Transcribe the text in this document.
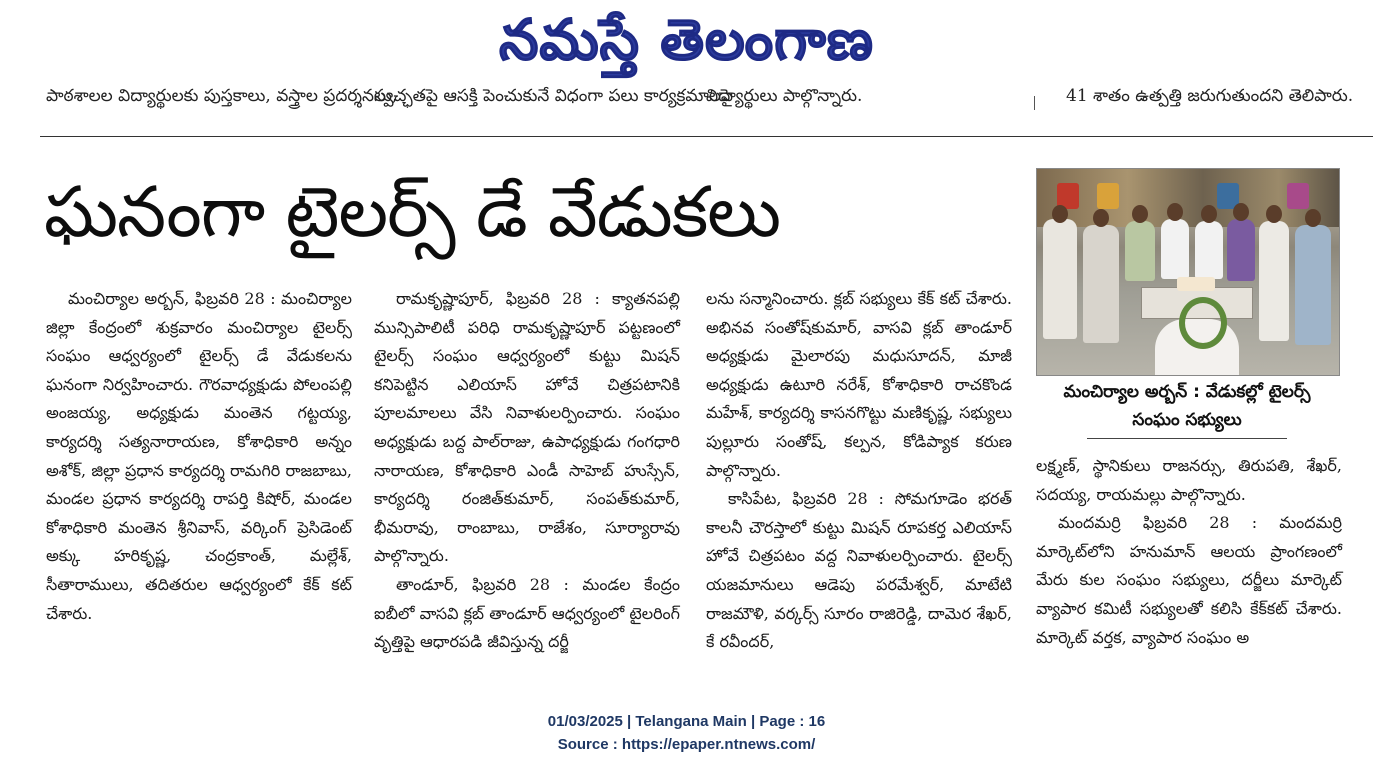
నమస్తే తెలంగాణ
పాఠశాలల విద్యార్థులకు పుస్తకాలు, వస్త్రాల ప్రదర్శనలు,
స్వచ్ఛతపై ఆసక్తి పెంచుకునే విధంగా పలు కార్యక్రమాలపై
విద్యార్థులు పాల్గొన్నారు.	41 శాతం ఉత్పత్తి జరుగుతుందని తెలిపారు.
ఘనంగా టైలర్స్ డే వేడుకలు

మంచిర్యాల అర్బన్, ఫిబ్రవరి 28 : మంచిర్యాల జిల్లా కేంద్రంలో శుక్రవారం మంచిర్యాల టైలర్స్ సంఘం ఆధ్వర్యంలో టైలర్స్ డే వేడుకలను ఘనంగా నిర్వహించారు. గౌరవాధ్యక్షుడు పోలంపల్లి అంజయ్య, అధ్యక్షుడు మంతెన గట్టయ్య, కార్యదర్శి సత్యనారాయణ, కోశాధికారి అన్నం అశోక్, జిల్లా ప్రధాన కార్యదర్శి రామగిరి రాజబాబు, మండల ప్రధాన కార్యదర్శి రాపర్తి కిషోర్, మండల కోశాధికారి మంతెన శ్రీనివాస్, వర్కింగ్ ప్రెసిడెంట్ అక్కు హరికృష్ణ, చంద్రకాంత్, మల్లేశ్, సీతారాములు, తదితరుల ఆధ్వర్యంలో కేక్ కట్ చేశారు.

రామకృష్ణాపూర్, ఫిబ్రవరి 28 : క్యాతనపల్లి మున్సిపాలిటీ పరిధి రామకృష్ణాపూర్ పట్టణంలో టైలర్స్ సంఘం ఆధ్వర్యంలో కుట్టు మిషన్ కనిపెట్టిన ఎలియాస్ హోవే చిత్రపటానికి పూలమాలలు వేసి నివాళులర్పించారు. సంఘం అధ్యక్షుడు బద్ద పాల్‌రాజు, ఉపాధ్యక్షుడు గంగధారి నారాయణ, కోశాధికారి ఎండీ సాహెబ్ హుస్సేన్, కార్యదర్శి రంజిత్‌కుమార్, సంపత్‌కుమార్, భీమరావు, రాంబాబు, రాజేశం, సూర్యారావు పాల్గొన్నారు.

తాండూర్, ఫిబ్రవరి 28 : మండల కేంద్రం ఐబీలో వాసవి క్లబ్ తాండూర్ ఆధ్వర్యంలో టైలరింగ్ వృత్తిపై ఆధారపడి జీవిస్తున్న దర్జీ

లను సన్మానించారు. క్లబ్ సభ్యులు కేక్ కట్ చేశారు. అభినవ సంతోష్‌కుమార్, వాసవి క్లబ్ తాండూర్ అధ్యక్షుడు మైలారపు మధుసూదన్, మాజీ అధ్యక్షుడు ఉటూరి నరేశ్, కోశాధికారి రాచకొండ మహేశ్, కార్యదర్శి కాసనగొట్టు మణికృష్ణ, సభ్యులు పుల్లూరు సంతోష్, కల్పన, కోడిప్యాక కరుణ పాల్గొన్నారు.

కాసిపేట, ఫిబ్రవరి 28 : సోమగూడెం భరత్ కాలనీ చౌరస్తాలో కుట్టు మిషన్ రూపకర్త ఎలియాస్ హోవే చిత్రపటం వద్ద నివాళులర్పించారు. టైలర్స్ యజమానులు ఆడెపు పరమేశ్వర్, మాటేటి రాజమౌళి, వర్కర్స్ సూరం రాజిరెడ్డి, దామెర శేఖర్, కే రవీందర్,

మంచిర్యాల అర్బన్ : వేడుకల్లో టైలర్స్
సంఘం సభ్యులు

లక్ష్మణ్, స్థానికులు రాజనర్సు, తిరుపతి, శేఖర్, సదయ్య, రాయమల్లు పాల్గొన్నారు.

మందమర్రి ఫిబ్రవరి 28 : మందమర్రి మార్కెట్‌లోని హనుమాన్ ఆలయ ప్రాంగణంలో మేరు కుల సంఘం సభ్యులు, దర్జీలు మార్కెట్ వ్యాపార కమిటీ సభ్యులతో కలిసి కేక్‌కట్ చేశారు. మార్కెట్ వర్తక, వ్యాపార సంఘం అ

01/03/2025 | Telangana Main | Page : 16
Source : https://epaper.ntnews.com/
